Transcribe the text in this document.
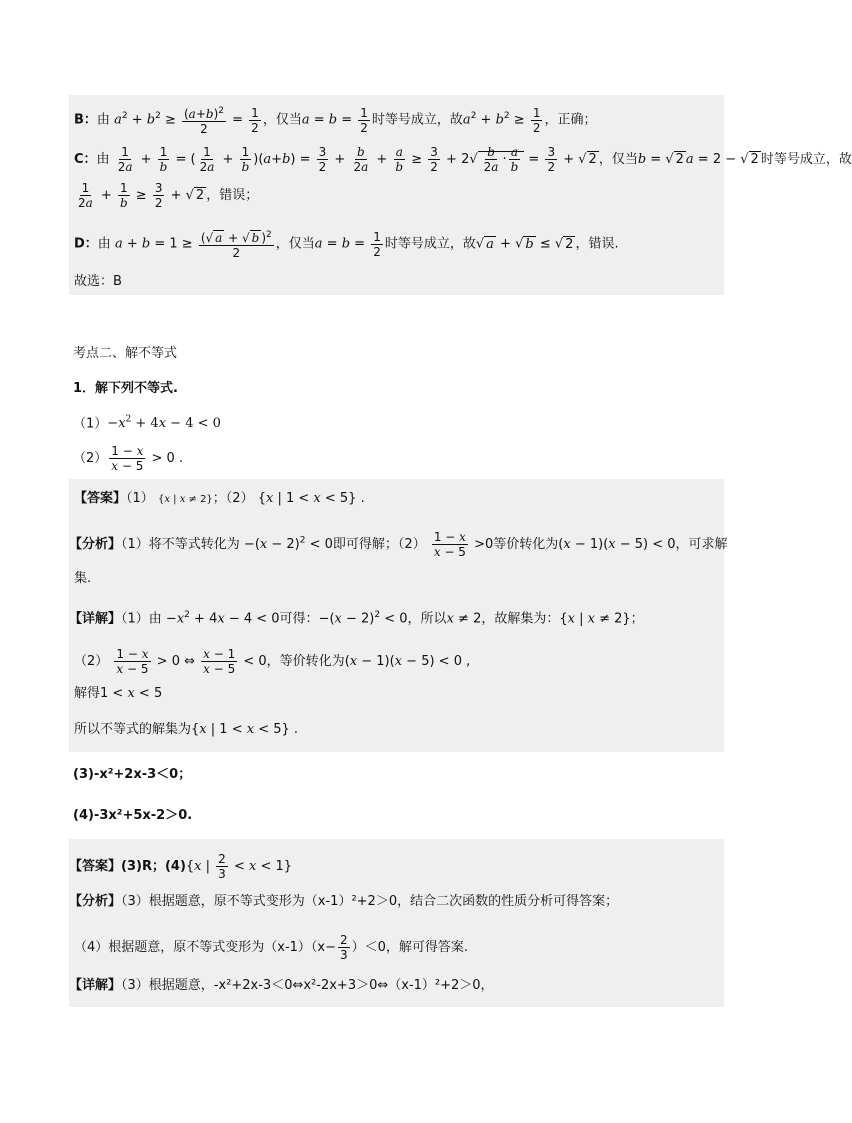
B：由 $a^2 + b^2 \ge \frac{(a+b)^2}{2} = \frac{1}{2}$ ，仅当$a = b = \frac{1}{2}$ 时等号成立，故$a^2 + b^2 \ge \frac{1}{2}$ ，正确；
C：由 $\frac{1}{2a} + \frac{1}{b}$ = ( $\frac{1}{2a} + \frac{1}{b} )(a+b) = \frac{3}{2} + \frac{b}{2a} + \frac{a}{b} \ge \frac{3}{2} + 2√ \frac{b}{2a} \cdot \frac{a}{b} = \frac{3}{2}$ + √ 2 ，仅当b = √ 2 a = 2 − √ 2 时等号成立，故
$\frac{1}{2a} + \frac{1}{b} \ge \frac{3}{2}$ + √ 2 ，错误；
D：由 $a + b = 1 \ge \frac{(√ a + √ b )^2}{2}$ ，仅当$a = b = \frac{1}{2}$ 时等号成立，故√ a + √ b ≤ √ 2 ，错误.
故选：B
考点二、解不等式
1．解下列不等式.
$(1)-x^2 + 4x - 4 < 0$
$(2) \frac{1 - x}{x - 5} > 0$ .
【答案】（1） {x | x ≠ 2}；（2） {x | 1 < x < 5} .
【分析】（1）将不等式转化为 $-(x - 2)^2 < 0$即可得解；$(2) \frac{1 - x}{x - 5} >0$等价转化为(x − 1)(x − 5) < 0，可求解
集.
【详解】（1）由 $-x^2 + 4x - 4 < 0$可得：$-(x - 2)^2 < 0$，所以x ≠ 2，故解集为：{x | x ≠ 2}；
$(2) \frac{1 - x}{x - 5} > 0$ ⇔ $\frac{x - 1}{x - 5} < 0$，等价转化为(x − 1)(x − 5) < 0 ,
解得1 < x < 5
所以不等式的解集为{x | 1 < x < 5} .
(3)-x²+2x-3＜0；
(4)-3x²+5x-2＞0.
【答案】(3)R；(4){x | $\frac{2}{3} < x < 1$}
【分析】（3）根据题意，原不等式变形为（x-1）²+2＞0，结合二次函数的性质分析可得答案；
（4）根据题意，原不等式变形为$(x-1)(x- \frac{2}{3} )<0$，解可得答案.
【详解】（3）根据题意，-x²+2x-3＜0⇔x²-2x+3＞0⇔（x-1）²+2＞0，
